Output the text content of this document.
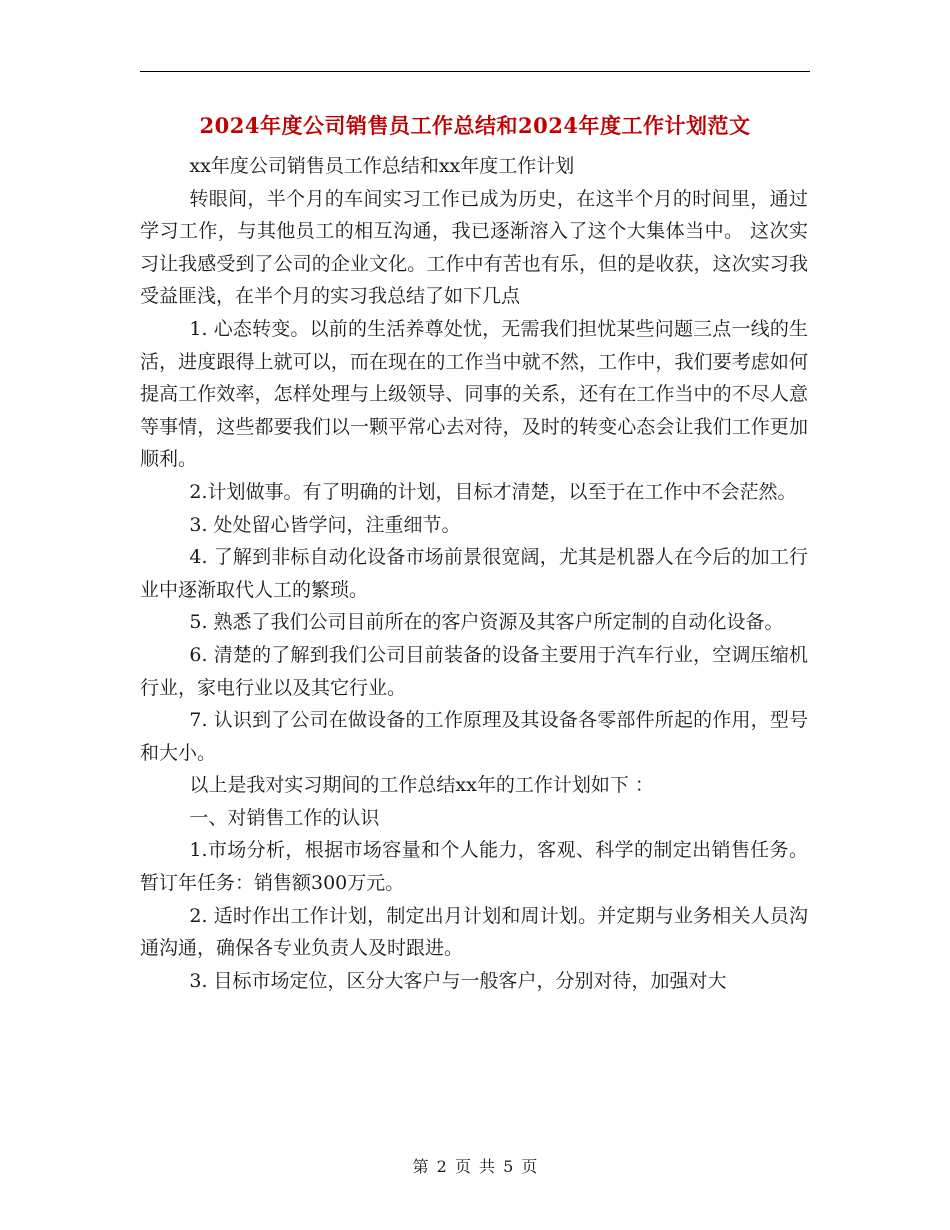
2024年度公司销售员工作总结和2024年度工作计划范文

xx年度公司销售员工作总结和xx年度工作计划

转眼间，半个月的车间实习工作已成为历史，在这半个月的时间里，通过学习工作，与其他员工的相互沟通，我已逐渐溶入了这个大集体当中。 这次实习让我感受到了公司的企业文化。工作中有苦也有乐，但的是收获，这次实习我受益匪浅，在半个月的实习我总结了如下几点

1. 心态转变。以前的生活养尊处忧，无需我们担忧某些问题三点一线的生活，进度跟得上就可以，而在现在的工作当中就不然，工作中，我们要考虑如何提高工作效率，怎样处理与上级领导、同事的关系，还有在工作当中的不尽人意等事情，这些都要我们以一颗平常心去对待，及时的转变心态会让我们工作更加顺利。

2.计划做事。有了明确的计划，目标才清楚，以至于在工作中不会茫然。

3. 处处留心皆学问，注重细节。

4. 了解到非标自动化设备市场前景很宽阔，尤其是机器人在今后的加工行业中逐渐取代人工的繁琐。

5. 熟悉了我们公司目前所在的客户资源及其客户所定制的自动化设备。

6. 清楚的了解到我们公司目前装备的设备主要用于汽车行业，空调压缩机行业，家电行业以及其它行业。

7. 认识到了公司在做设备的工作原理及其设备各零部件所起的作用，型号和大小。

以上是我对实习期间的工作总结xx年的工作计划如下 ：

一、对销售工作的认识

1.市场分析，根据市场容量和个人能力，客观、科学的制定出销售任务。暂订年任务：销售额300万元。

2. 适时作出工作计划，制定出月计划和周计划。并定期与业务相关人员沟通沟通，确保各专业负责人及时跟进。

3. 目标市场定位，区分大客户与一般客户，分别对待，加强对大

第 2 页 共 5 页
